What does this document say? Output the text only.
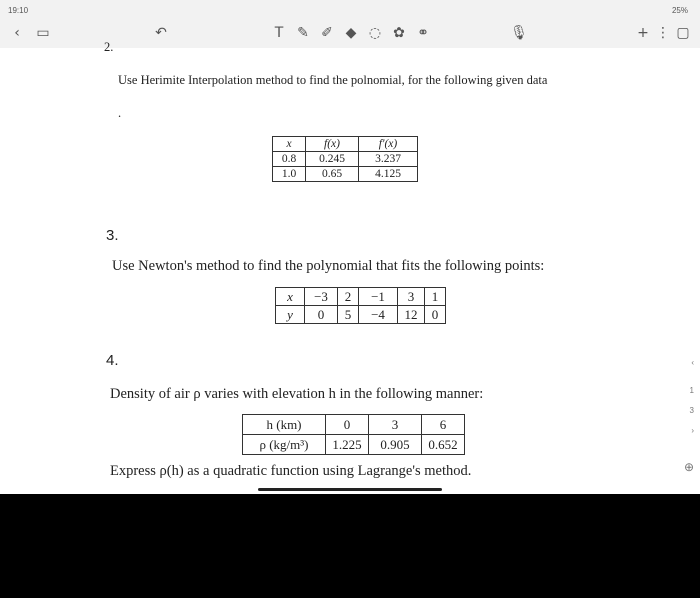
19:10	25%
‹	▭	↶	T ✎ ✐ ◆ ◌ ✿ ⚭	🎙	+ ⋮ ▢
2.
Use Herimite Interpolation method to find the polnomial, for the following given data
.
x	f(x)	f′(x)
0.8	0.245	3.237
1.0	0.65	4.125
3.
Use Newton's method to find the polynomial that fits the following points:
x	−3	2	−1	3	1
y	0	5	−4	12	0
4.
Density of air ρ varies with elevation h in the following manner:
h (km)	0	3	6
ρ (kg/m³)	1.225	0.905	0.652
Express ρ(h) as a quadratic function using Lagrange's method.
‹
1
3
›
⊕
